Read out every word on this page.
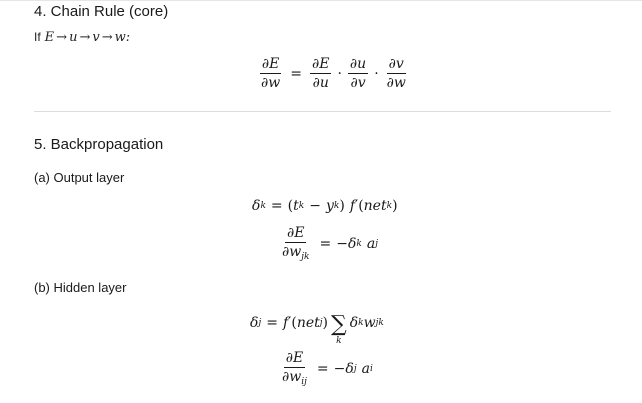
4. Chain Rule (core)
If E → u → v → w:
$\frac{\partial E}{\partial w} = \frac{\partial E}{\partial u} \cdot \frac{\partial u}{\partial v} \cdot \frac{\partial v}{\partial w}$
5. Backpropagation
(a) Output layer
δ k = ( t k − y k ) f ′ ( net k )
$\frac{\partial E}{\partial w_{jk}}$ = − δ k a j
(b) Hidden layer
δ j = f ′ ( net j ) ∑
k
δ k w jk
$\frac{\partial E}{\partial w_{ij}}$ = − δ j a i
